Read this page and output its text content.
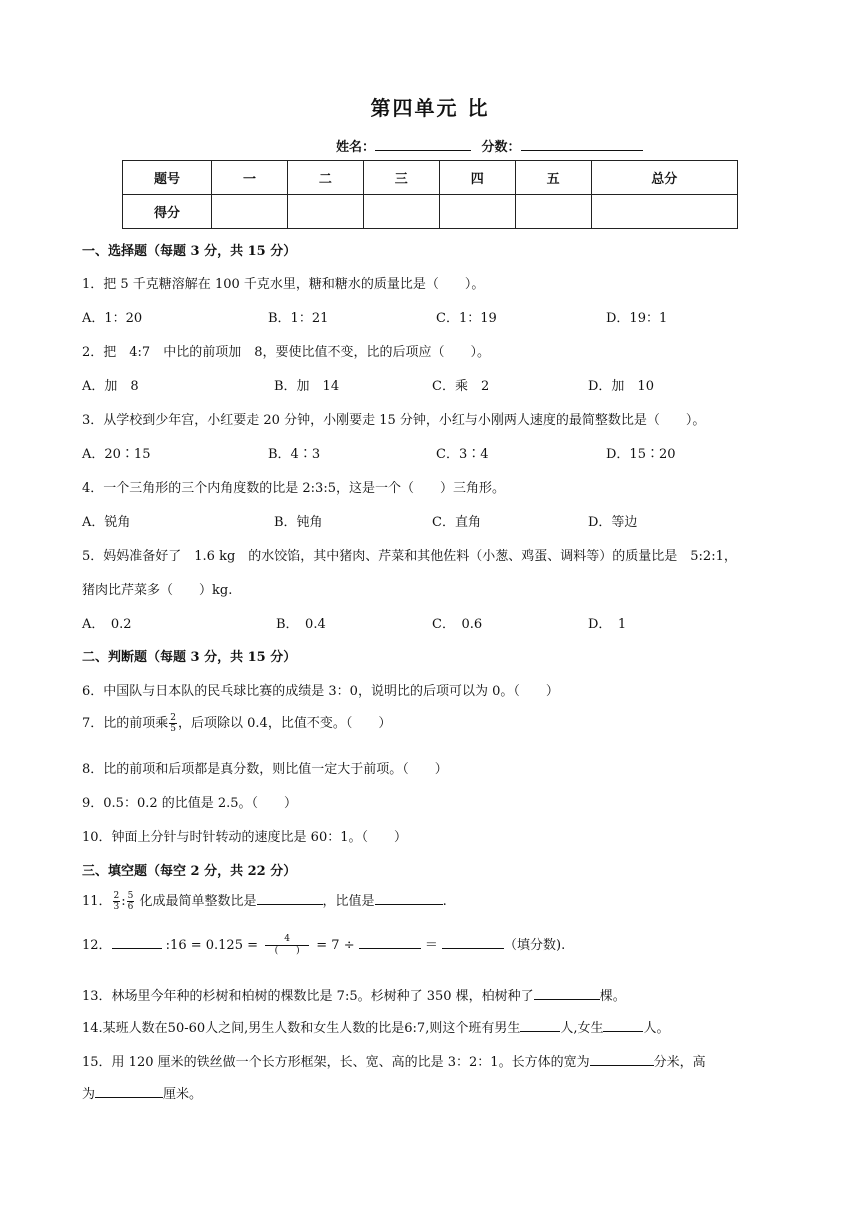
第四单元 比
姓名：	分数：
题号	一	二	三	四	五	总分
得分						
一、选择题（每题 3 分，共 15 分）
1．把 5 千克糖溶解在 100 千克水里，糖和糖水的质量比是（　　）。
A．1：20	B．1：21	C．1：19	D．19：1
2．把　4:7　中比的前项加　8，要使比值不变，比的后项应（　　）。
A．加　8	B．加　14	C．乘　2	D．加　10
3．从学校到少年宫，小红要走 20 分钟，小刚要走 15 分钟，小红与小刚两人速度的最简整数比是（　　）。
A．20∶15	B．4∶3	C．3∶4	D．15∶20
4．一个三角形的三个内角度数的比是 2:3:5，这是一个（　　）三角形。
A．锐角	B．钝角	C．直角	D．等边
5．妈妈准备好了　1.6 kg　的水饺馅，其中猪肉、芹菜和其他佐料（小葱、鸡蛋、调料等）的质量比是　5:2:1，
猪肉比芹菜多（　　）kg.
A．　0.2	B．　0.4	C．　0.6	D．　1
二、判断题（每题 3 分，共 15 分）
6．中国队与日本队的民乓球比赛的成绩是 3：0，说明比的后项可以为 0。（　　）
7．比的前项乘 $\frac{2}{5}$ ，后项除以 0.4，比值不变。（　　）
8．比的前项和后项都是真分数，则比值一定大于前项。（　　）
9．0.5：0.2 的比值是 2.5。（　　）
10．钟面上分针与时针转动的速度比是 60：1。（　　）
三、填空题（每空 2 分，共 22 分）
11． $\frac{2}{3}$ : $\frac{5}{6}$ 化成最简单整数比是	，比值是	.
12．	:16 = 0.125 =	4
(　　) = 7 ÷	＝	（填分数).
13．林场里今年种的杉树和柏树的棵数比是 7:5。杉树种了 350 棵，柏树种了	棵。
14.某班人数在50-60人之间,男生人数和女生人数的比是6:7,则这个班有男生	人,女生	人。
15．用 120 厘米的铁丝做一个长方形框架，长、宽、高的比是 3：2：1。长方体的宽为	分米，高
为	厘米。
